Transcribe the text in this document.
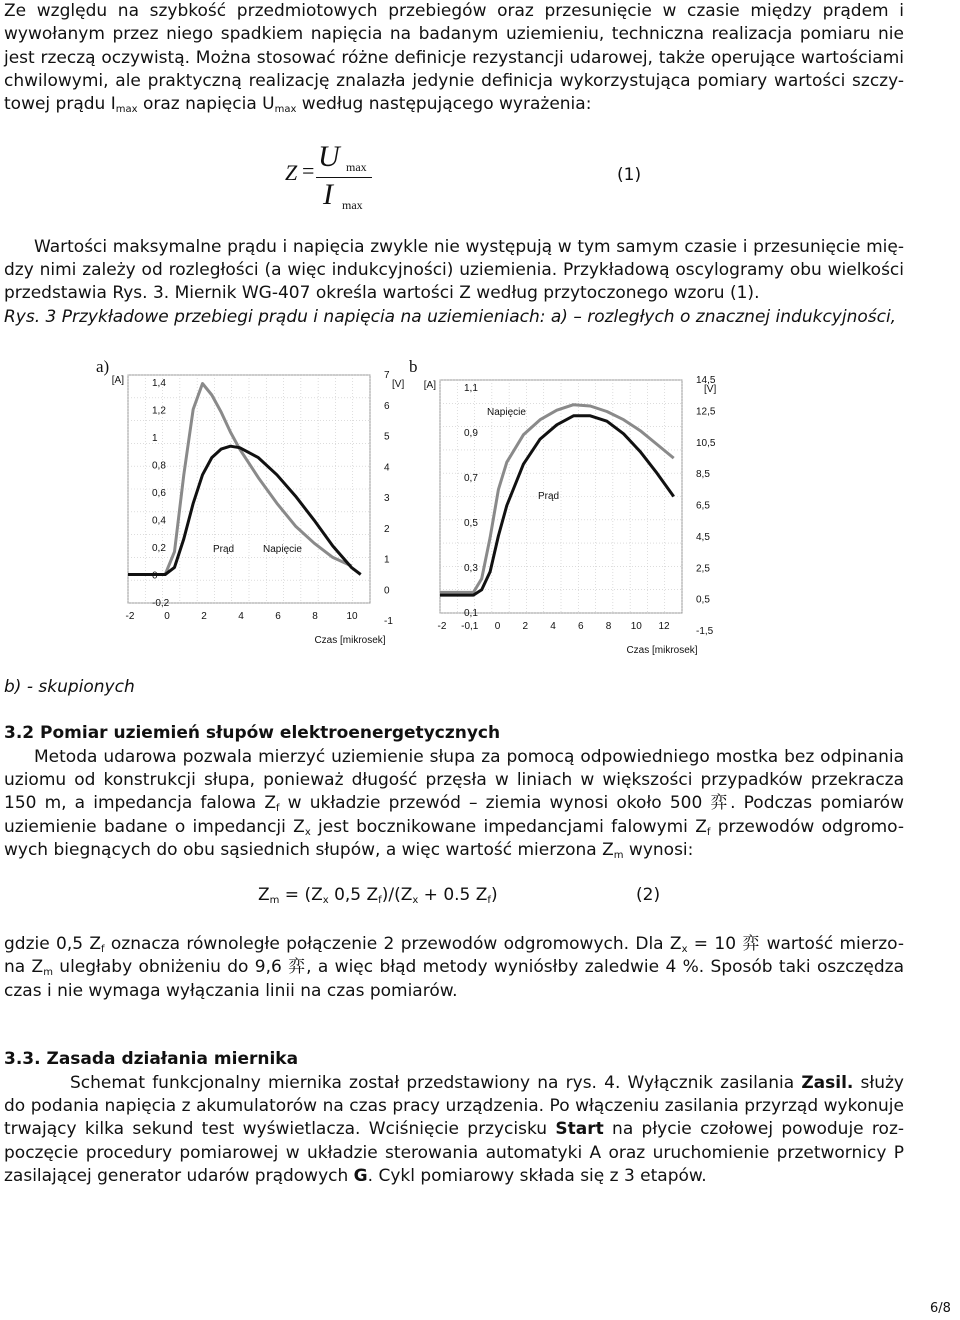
Ze względu na szybkość przedmiotowych przebiegów oraz przesunięcie w czasie między prądem i
wywołanym przez niego spadkiem napięcia na badanym uziemieniu, techniczna realizacja pomiaru nie
jest rzeczą oczywistą. Można stosować różne definicje rezystancji udarowej, także operujące wartościami
chwilowymi, ale praktyczną realizację znalazła jedynie definicja wykorzystująca pomiary wartości szczy-
towej prądu $I_{max}$ oraz napięcia $U_{max}$ według następującego wyrażenia:
Z = U max
I max
(1)
Wartości maksymalne prądu i napięcia zwykle nie występują w tym samym czasie i przesunięcie mię-
dzy nimi zależy od rozległości (a więc indukcyjności) uziemienia. Przykładową oscylogramy obu wielkości
przedstawia Rys. 3. Miernik WG-407 określa wartości Z według przytoczonego wzoru (1).
Rys. 3 Przykładowe przebiegi prądu i napięcia na uziemieniach: a) – rozległych o znacznej indukcyjności,
1,4
1,2
1
0,8
0,6
0,4
0,2
0
-0,2
7
6
5
4
3
2
1
0
-1
-2	0	2	4	6	8	10
[A]	[V]
Czas [mikrosek]
a)
Prąd	Napięcie
1,1
0,9
0,7
0,5
0,3
0,1
14,5
12,5
10,5
8,5
6,5
4,5
2,5
0,5
-1,5
-2 -0,1 0 2 4 6 8 10 12
[A]	[V]
Czas [mikrosek]
b
Napięcie
Prąd
b) - skupionych
3.2 Pomiar uziemień słupów elektroenergetycznych
Metoda udarowa pozwala mierzyć uziemienie słupa za pomocą odpowiedniego mostka bez odpinania
uziomu od konstrukcji słupa, ponieważ długość przęsła w liniach w większości przypadków przekracza
150 m, a impedancja falowa $Z_f$ w układzie przewód – ziemia wynosi około 500 弈. Podczas pomiarów
uziemienie badane o impedancji $Z_x$ jest bocznikowane impedancjami falowymi $Z_f$ przewodów odgromo-
wych biegnących do obu sąsiednich słupów, a więc wartość mierzona $Z_m$ wynosi:
$Z_m = (Z_x$ 0,5 $Z_f)/(Z_x + 0.5$ $Z_f$)	(2)
gdzie 0,5 $Z_f$ oznacza równoległe połączenie 2 przewodów odgromowych. Dla $Z_x = 10$ 弈 wartość mierzo-
na $Z_m$ uległaby obniżeniu do 9,6 弈, a więc błąd metody wyniósłby zaledwie 4 %. Sposób taki oszczędza
czas i nie wymaga wyłączania linii na czas pomiarów.
3.3. Zasada działania miernika
Schemat funkcjonalny miernika został przedstawiony na rys. 4. Wyłącznik zasilania Zasil. służy
do podania napięcia z akumulatorów na czas pracy urządzenia. Po włączeniu zasilania przyrząd wykonuje
trwający kilka sekund test wyświetlacza. Wciśnięcie przycisku Start na płycie czołowej powoduje roz-
poczęcie procedury pomiarowej w układzie sterowania automatyki A oraz uruchomienie przetwornicy P
zasilającej generator udarów prądowych G. Cykl pomiarowy składa się z 3 etapów.
6/8
